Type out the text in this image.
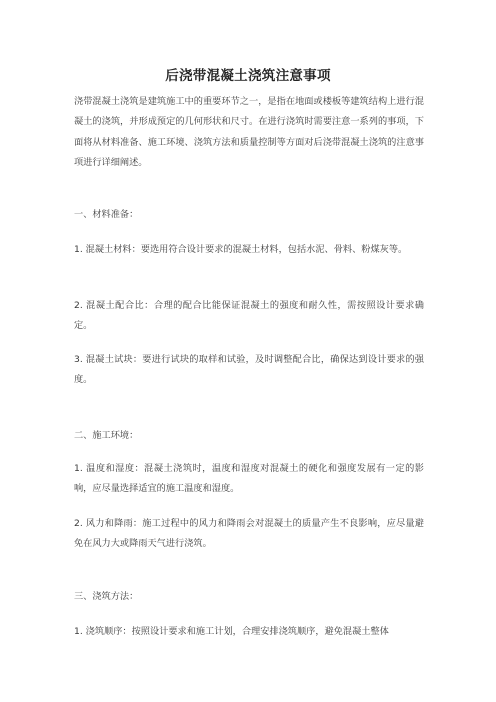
后浇带混凝土浇筑注意事项
浇带混凝土浇筑是建筑施工中的重要环节之一，是指在地面或楼板等建筑结构上进行混凝土的浇筑，并形成预定的几何形状和尺寸。在进行浇筑时需要注意一系列的事项，下面将从材料准备、施工环境、浇筑方法和质量控制等方面对后浇带混凝土浇筑的注意事项进行详细阐述。
一、材料准备：
1. 混凝土材料：要选用符合设计要求的混凝土材料，包括水泥、骨料、粉煤灰等。
2. 混凝土配合比：合理的配合比能保证混凝土的强度和耐久性，需按照设计要求确定。
3. 混凝土试块：要进行试块的取样和试验，及时调整配合比，确保达到设计要求的强度。
二、施工环境：
1. 温度和湿度：混凝土浇筑时，温度和湿度对混凝土的硬化和强度发展有一定的影响，应尽量选择适宜的施工温度和湿度。
2. 风力和降雨：施工过程中的风力和降雨会对混凝土的质量产生不良影响，应尽量避免在风力大或降雨天气进行浇筑。
三、浇筑方法：
1. 浇筑顺序：按照设计要求和施工计划，合理安排浇筑顺序，避免混凝土整体
